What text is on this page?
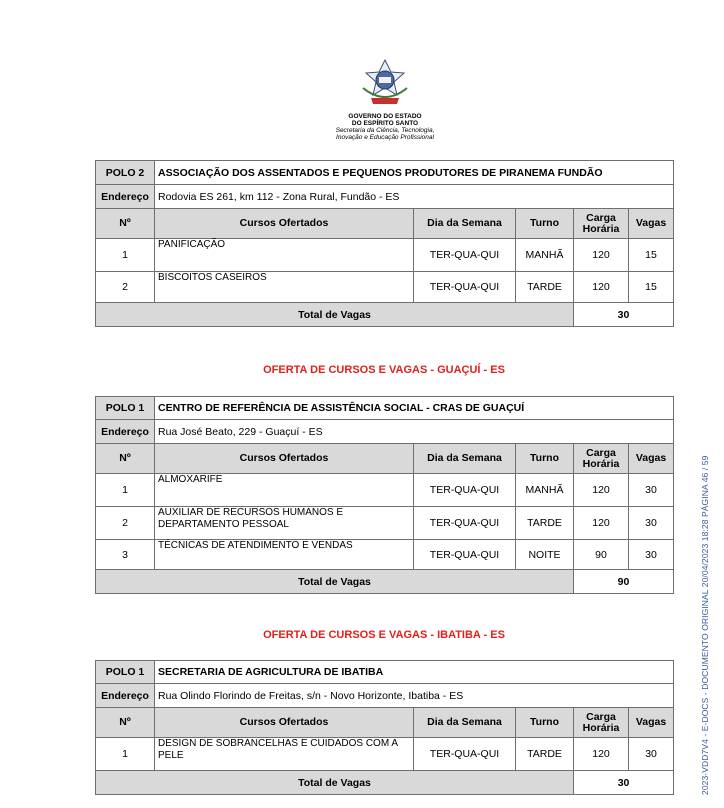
GOVERNO DO ESTADO
DO ESPÍRITO SANTO
Secretaria da Ciência, Tecnologia,
Inovação e Educação Profissional
2023-VDD7V4 - E-DOCS - DOCUMENTO ORIGINAL 20/04/2023 18:28 PÁGINA 46 / 59
POLO 2	ASSOCIAÇÃO DOS ASSENTADOS E PEQUENOS PRODUTORES DE PIRANEMA FUNDÃO				
Endereço	Rodovia ES 261, km 112 - Zona Rural, Fundão - ES				
Nº	Cursos Ofertados	Dia da Semana	Turno	Carga Horária	Vagas
1	PANIFICAÇÃO	TER-QUA-QUI	MANHÃ	120	15
2	BISCOITOS CASEIROS	TER-QUA-QUI	TARDE	120	15
Total de Vagas				30	
OFERTA DE CURSOS E VAGAS - GUAÇUÍ - ES
POLO 1	CENTRO DE REFERÊNCIA DE ASSISTÊNCIA SOCIAL - CRAS DE GUAÇUÍ				
Endereço	Rua José Beato, 229 - Guaçuí - ES				
Nº	Cursos Ofertados	Dia da Semana	Turno	Carga Horária	Vagas
1	ALMOXARIFE	TER-QUA-QUI	MANHÃ	120	30
2	AUXILIAR DE RECURSOS HUMANOS E DEPARTAMENTO PESSOAL	TER-QUA-QUI	TARDE	120	30
3	TÉCNICAS DE ATENDIMENTO E VENDAS	TER-QUA-QUI	NOITE	90	30
Total de Vagas				90	
OFERTA DE CURSOS E VAGAS - IBATIBA - ES
POLO 1	SECRETARIA DE AGRICULTURA DE IBATIBA				
Endereço	Rua Olindo Florindo de Freitas, s/n - Novo Horizonte, Ibatiba - ES				
Nº	Cursos Ofertados	Dia da Semana	Turno	Carga Horária	Vagas
1	DESIGN DE SOBRANCELHAS E CUIDADOS COM A PELE	TER-QUA-QUI	TARDE	120	30
Total de Vagas				30	
